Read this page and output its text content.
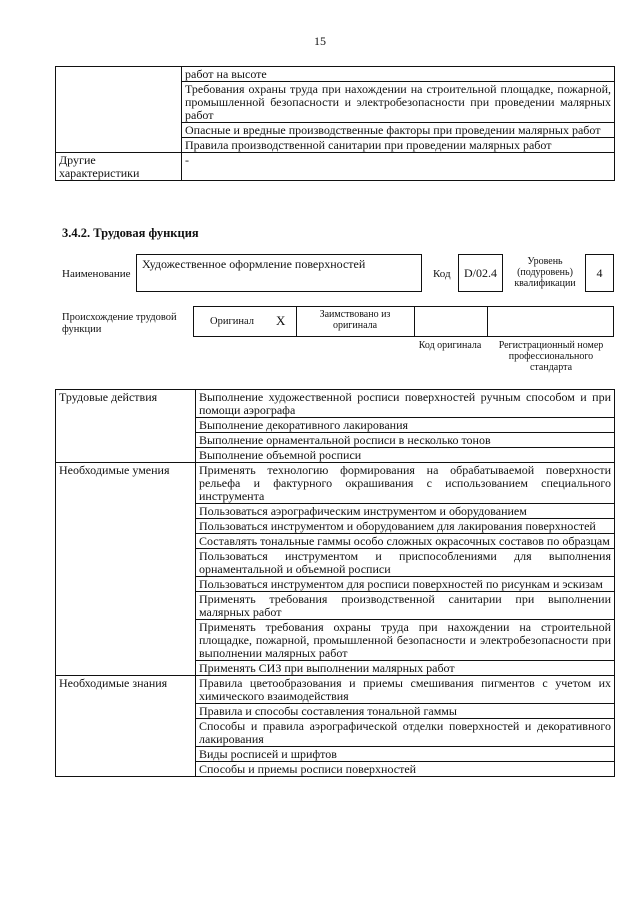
15
	работ на высоте
	Требования охраны труда при нахождении на строительной площадке, пожарной, промышленной безопасности и электробезопасности при проведении малярных работ
	Опасные и вредные производственные факторы при проведении малярных работ
	Правила производственной санитарии при проведении малярных работ
Другие характеристики	-
3.4.2. Трудовая функция
Наименование
Художественное оформление поверхностей
Код	D/02.4
Уровень (подуровень) квалификации
4
Происхождение трудовой функции
Оригинал X	Заимствовано из оригинала
Код оригинала	Регистрационный номер профессионального стандарта
Трудовые действия	Выполнение художественной росписи поверхностей ручным способом и при помощи аэрографа
	Выполнение декоративного лакирования
	Выполнение орнаментальной росписи в несколько тонов
	Выполнение объемной росписи
Необходимые умения	Применять технологию формирования на обрабатываемой поверхности рельефа и фактурного окрашивания с использованием специального инструмента
	Пользоваться аэрографическим инструментом и оборудованием
	Пользоваться инструментом и оборудованием для лакирования поверхностей
	Составлять тональные гаммы особо сложных окрасочных составов по образцам
	Пользоваться инструментом и приспособлениями для выполнения орнаментальной и объемной росписи
	Пользоваться инструментом для росписи поверхностей по рисункам и эскизам
	Применять требования производственной санитарии при выполнении малярных работ
	Применять требования охраны труда при нахождении на строительной площадке, пожарной, промышленной безопасности и электробезопасности при выполнении малярных работ
	Применять СИЗ при выполнении малярных работ
Необходимые знания	Правила цветообразования и приемы смешивания пигментов с учетом их химического взаимодействия
	Правила и способы составления тональной гаммы
	Способы и правила аэрографической отделки поверхностей и декоративного лакирования
	Виды росписей и шрифтов
	Способы и приемы росписи поверхностей
